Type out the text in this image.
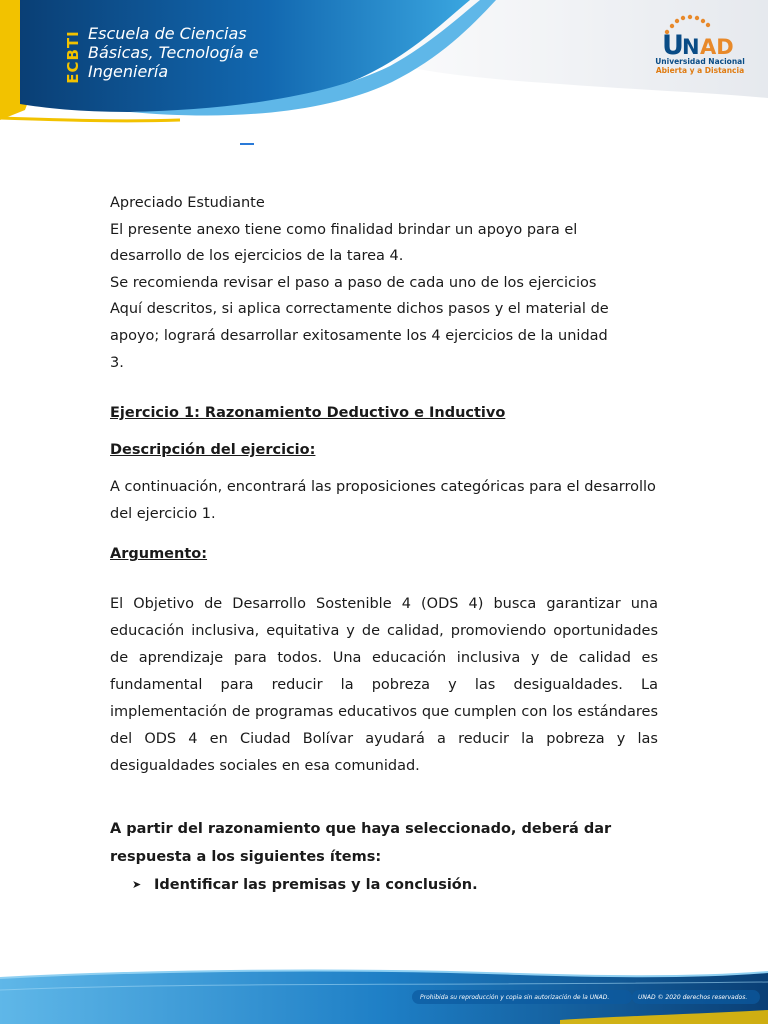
ECBTI Escuela de Ciencias
Básicas, Tecnología e
Ingeniería
U
N AD
Universidad Nacional
Abierta y a Distancia

Apreciado Estudiante

El presente anexo tiene como finalidad brindar un apoyo para el

desarrollo de los ejercicios de la tarea 4.

Se recomienda revisar el paso a paso de cada uno de los ejercicios

Aquí descritos, si aplica correctamente dichos pasos y el material de

apoyo; logrará desarrollar exitosamente los 4 ejercicios de la unidad

3.

Ejercicio 1: Razonamiento Deductivo e Inductivo

Descripción del ejercicio:

A continuación, encontrará las proposiciones categóricas para el desarrollo del ejercicio 1.

Argumento:

El Objetivo de Desarrollo Sostenible 4 (ODS 4) busca garantizar una educación inclusiva, equitativa y de calidad, promoviendo oportunidades de aprendizaje para todos. Una educación inclusiva y de calidad es fundamental para reducir la pobreza y las desigualdades. La implementación de programas educativos que cumplen con los estándares del ODS 4 en Ciudad Bolívar ayudará a reducir la pobreza y las desigualdades sociales en esa comunidad.

A partir del razonamiento que haya seleccionado, deberá dar respuesta a los siguientes ítems:

➤ Identificar las premisas y la conclusión.
Prohibida su reproducción y copia sin autorización de la UNAD.	UNAD © 2020 derechos reservados.
